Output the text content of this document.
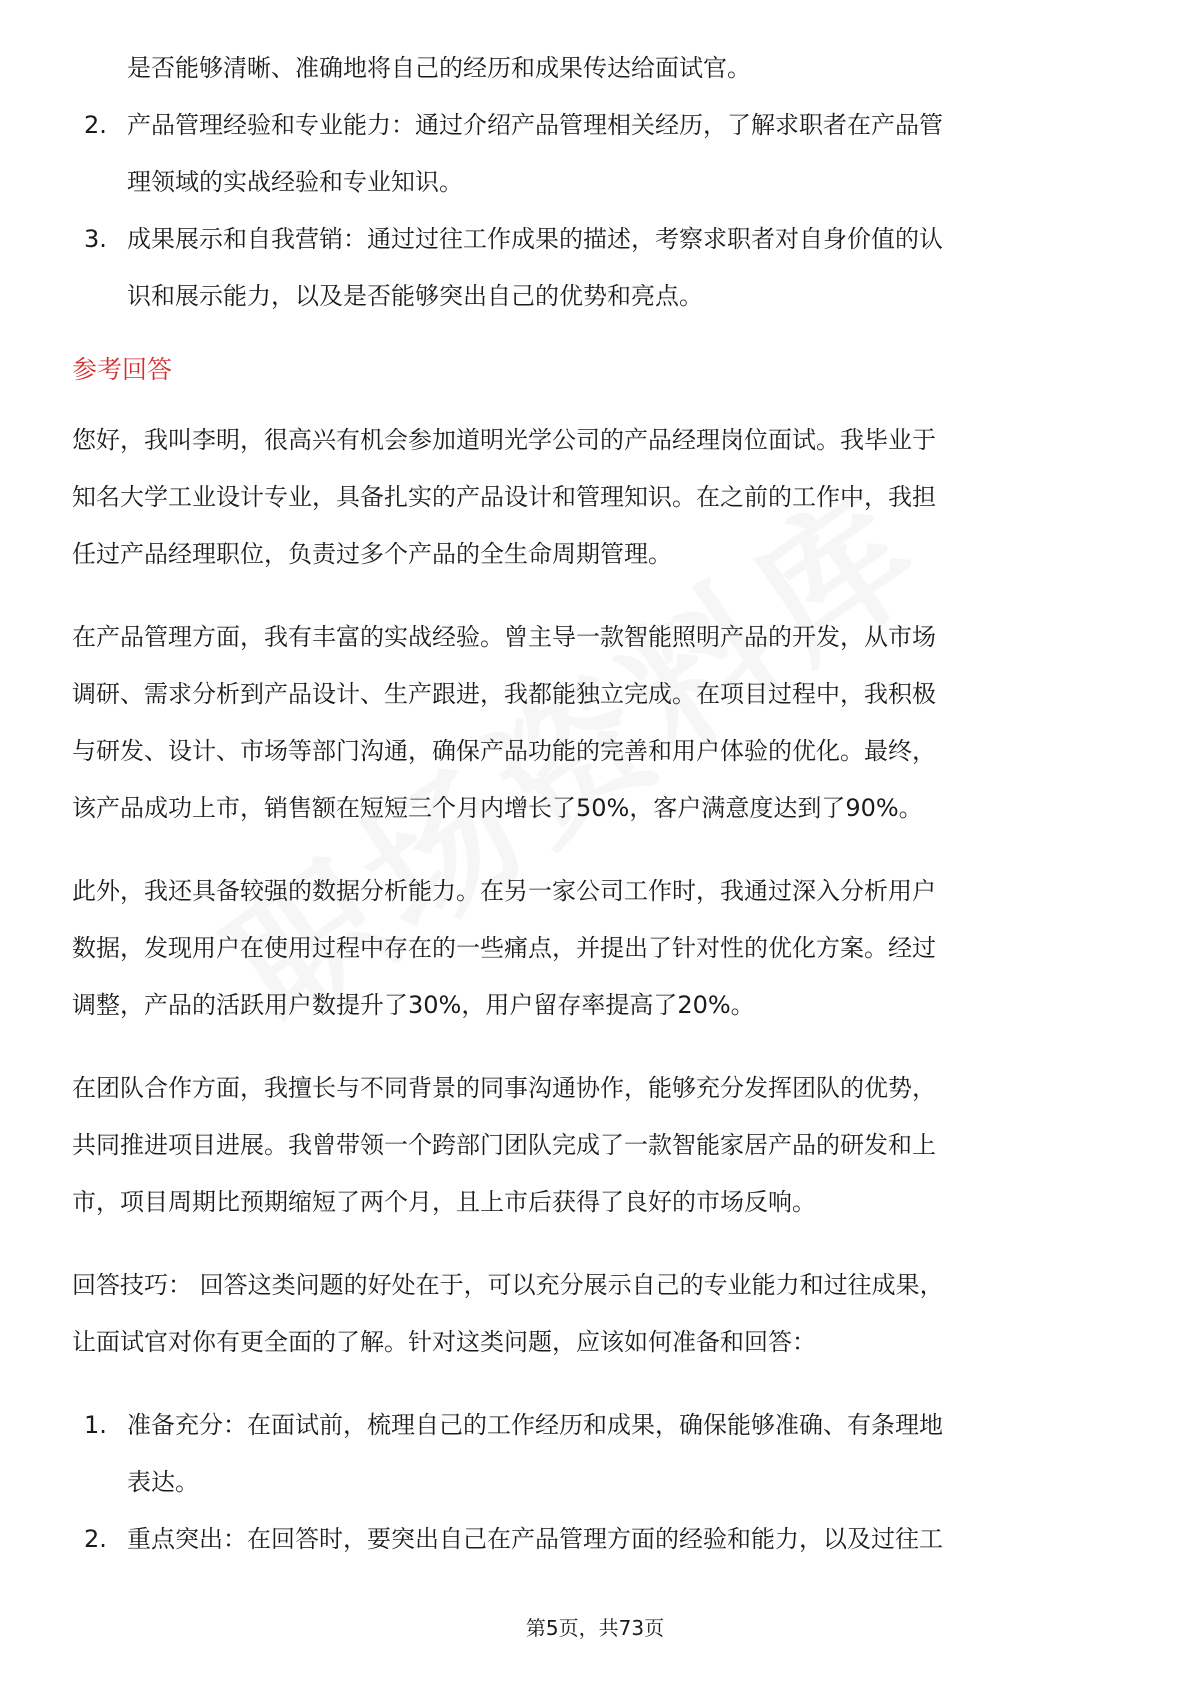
是否能够清晰、准确地将自己的经历和成果传达给面试官。
2. 产品管理经验和专业能力：通过介绍产品管理相关经历，了解求职者在产品管
理领域的实战经验和专业知识。
3. 成果展示和自我营销：通过过往工作成果的描述，考察求职者对自身价值的认
识和展示能力，以及是否能够突出自己的优势和亮点。
参考回答

您好，我叫李明，很高兴有机会参加道明光学公司的产品经理岗位面试。我毕业于
知名大学工业设计专业，具备扎实的产品设计和管理知识。在之前的工作中，我担
任过产品经理职位，负责过多个产品的全生命周期管理。

在产品管理方面，我有丰富的实战经验。曾主导一款智能照明产品的开发，从市场
调研、需求分析到产品设计、生产跟进，我都能独立完成。在项目过程中，我积极
与研发、设计、市场等部门沟通，确保产品功能的完善和用户体验的优化。最终，
该产品成功上市，销售额在短短三个月内增长了50%，客户满意度达到了90%。

此外，我还具备较强的数据分析能力。在另一家公司工作时，我通过深入分析用户
数据，发现用户在使用过程中存在的一些痛点，并提出了针对性的优化方案。经过
调整，产品的活跃用户数提升了30%，用户留存率提高了20%。

在团队合作方面，我擅长与不同背景的同事沟通协作，能够充分发挥团队的优势，
共同推进项目进展。我曾带领一个跨部门团队完成了一款智能家居产品的研发和上
市，项目周期比预期缩短了两个月，且上市后获得了良好的市场反响。

回答技巧： 回答这类问题的好处在于，可以充分展示自己的专业能力和过往成果，
让面试官对你有更全面的了解。针对这类问题，应该如何准备和回答：

1. 准备充分：在面试前，梳理自己的工作经历和成果，确保能够准确、有条理地
表达。
2. 重点突出：在回答时，要突出自己在产品管理方面的经验和能力，以及过往工
第5页，共73页
